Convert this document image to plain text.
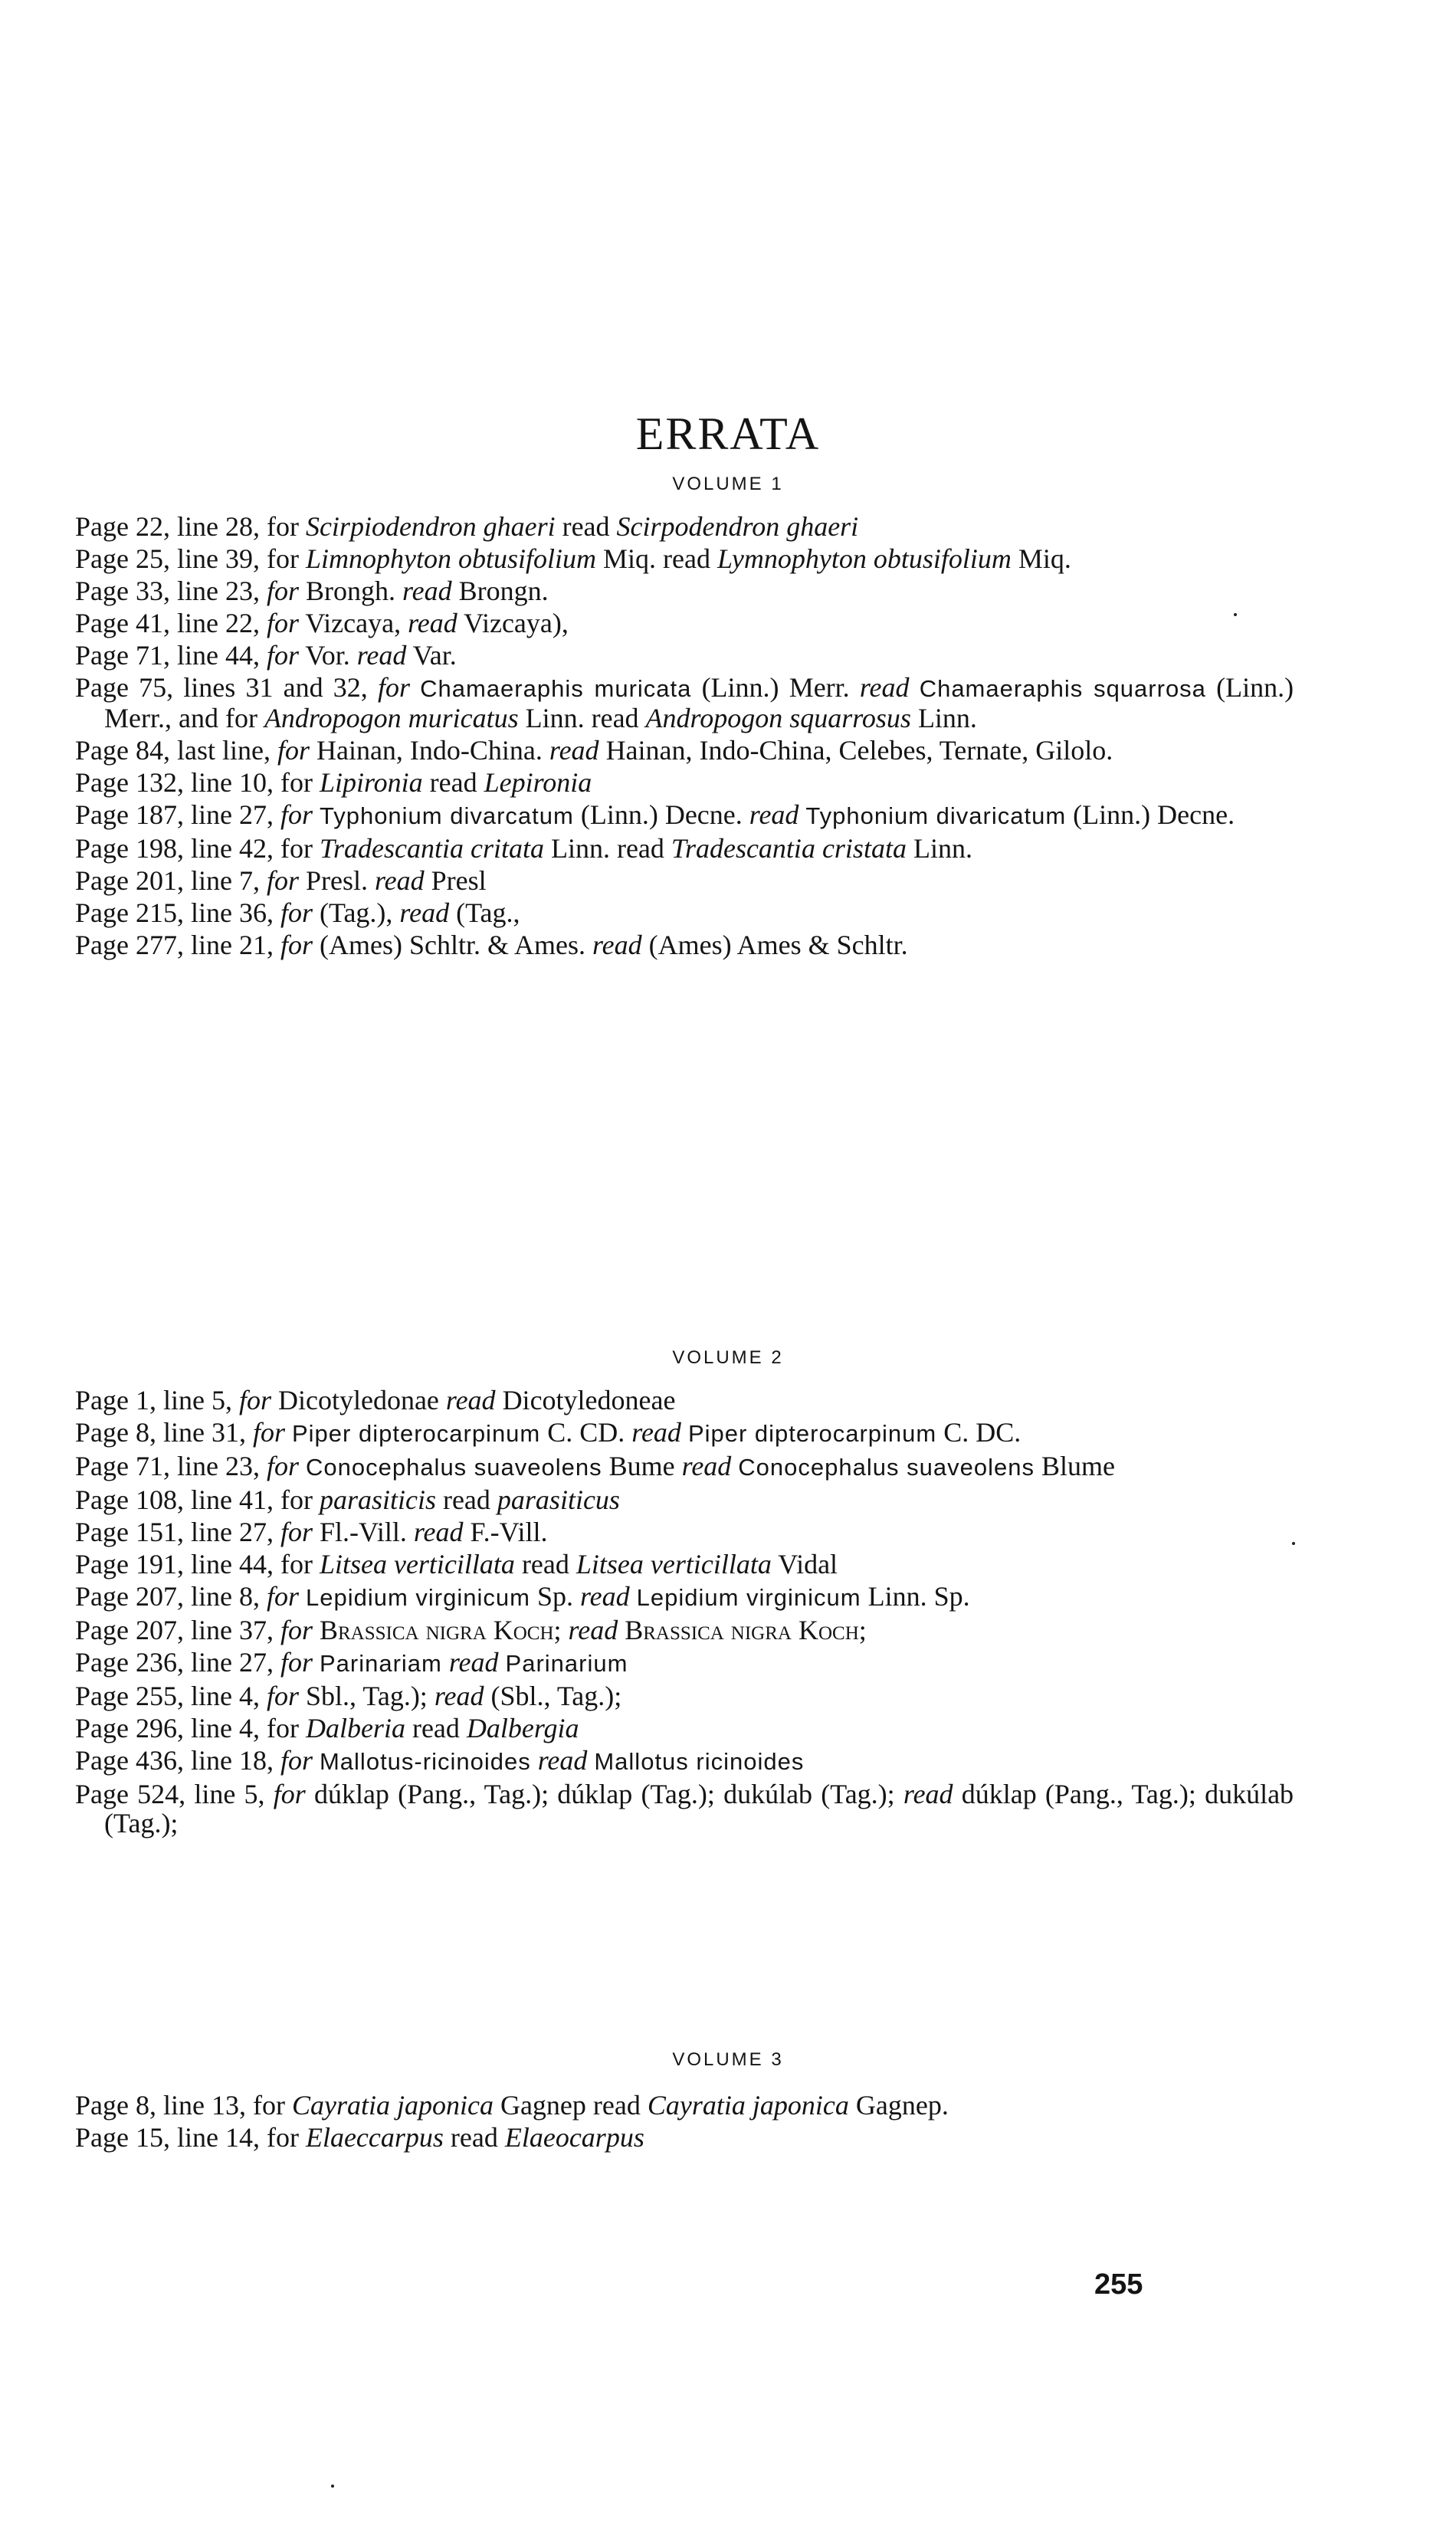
ERRATA
VOLUME 1

Page 22, line 28, for Scirpiodendron ghaeri read Scirpodendron ghaeri

Page 25, line 39, for Limnophyton obtusifolium Miq. read Lymnophyton obtusifolium Miq.

Page 33, line 23, for Brongh. read Brongn.

Page 41, line 22, for Vizcaya, read Vizcaya),

Page 71, line 44, for Vor. read Var.

Page 75, lines 31 and 32, for Chamaeraphis muricata (Linn.) Merr. read Chamaeraphis squarrosa (Linn.) Merr., and for Andropogon muricatus Linn. read Andropogon squarrosus Linn.

Page 84, last line, for Hainan, Indo-China. read Hainan, Indo-China, Celebes, Ternate, Gilolo.

Page 132, line 10, for Lipironia read Lepironia

Page 187, line 27, for Typhonium divarcatum (Linn.) Decne. read Typhonium divaricatum (Linn.) Decne.

Page 198, line 42, for Tradescantia critata Linn. read Tradescantia cristata Linn.

Page 201, line 7, for Presl. read Presl

Page 215, line 36, for (Tag.), read (Tag.,

Page 277, line 21, for (Ames) Schltr. & Ames. read (Ames) Ames & Schltr.

VOLUME 2

Page 1, line 5, for Dicotyledonae read Dicotyledoneae

Page 8, line 31, for Piper dipterocarpinum C. CD. read Piper dipterocarpinum C. DC.

Page 71, line 23, for Conocephalus suaveolens Bume read Conocephalus suaveolens Blume

Page 108, line 41, for parasiticis read parasiticus

Page 151, line 27, for Fl.-Vill. read F.-Vill.

Page 191, line 44, for Litsea verticillata read Litsea verticillata Vidal

Page 207, line 8, for Lepidium virginicum Sp. read Lepidium virginicum Linn. Sp.

Page 207, line 37, for Brassica nigra Koch; read Brassica nigra Koch;

Page 236, line 27, for Parinariam read Parinarium

Page 255, line 4, for Sbl., Tag.); read (Sbl., Tag.);

Page 296, line 4, for Dalberia read Dalbergia

Page 436, line 18, for Mallotus-ricinoides read Mallotus ricinoides

Page 524, line 5, for dúklap (Pang., Tag.); dúklap (Tag.); dukúlab (Tag.); read dúklap (Pang., Tag.); dukúlab (Tag.);

VOLUME 3

Page 8, line 13, for Cayratia japonica Gagnep read Cayratia japonica Gagnep.

Page 15, line 14, for Elaeccarpus read Elaeocarpus

255
